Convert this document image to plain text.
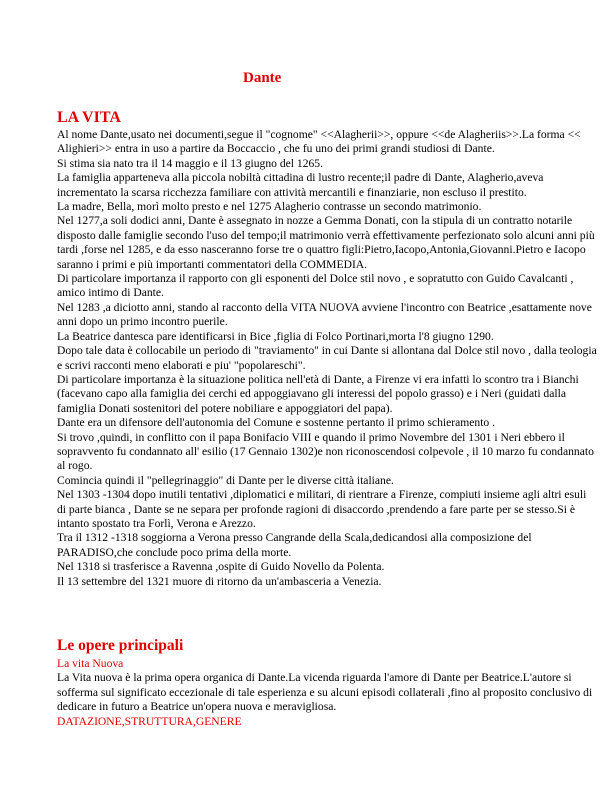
Dante
LA VITA

Al nome Dante,usato nei documenti,segue il "cognome" <<Alagherii>>, oppure <<de Alagheriis>>.La forma << Alighieri>> entra in uso a partire da Boccaccio , che fu uno dei primi grandi studiosi di Dante.

Si stima sia nato tra il 14 maggio e il 13 giugno del 1265.

La famiglia apparteneva alla piccola nobiltà cittadina di lustro recente;il padre di Dante, Alagherio,aveva incrementato la scarsa ricchezza familiare con attività mercantili e finanziarie, non escluso il prestito.

La madre, Bella, morì molto presto e nel 1275 Alagherio contrasse un secondo matrimonio.

Nel 1277,a soli dodici anni, Dante è assegnato in nozze a Gemma Donati, con la stipula di un contratto notarile disposto dalle famiglie secondo l'uso del tempo;il matrimonio verrà effettivamente perfezionato solo alcuni anni più tardi ,forse nel 1285, e da esso nasceranno forse tre o quattro figli:Pietro,Iacopo,Antonia,Giovanni.Pietro e Iacopo saranno i primi e più importanti commentatori della COMMEDIA.

Di particolare importanza il rapporto con gli esponenti del Dolce stil novo , e sopratutto con Guido Cavalcanti , amico intimo di Dante.

Nel 1283 ,a diciotto anni, stando al racconto della VITA NUOVA avviene l'incontro con Beatrice ,esattamente nove anni dopo un primo incontro puerile.

La Beatrice dantesca pare identificarsi in Bice ,figlia di Folco Portinari,morta l'8 giugno 1290.

Dopo tale data è collocabile un periodo di "traviamento" in cui Dante si allontana dal Dolce stil novo , dalla teologia e scrivi racconti meno elaborati e piu' "popolareschi".

Di particolare importanza è la situazione politica nell'età di Dante, a Firenze vi era infatti lo scontro tra i Bianchi (facevano capo alla famiglia dei cerchi ed appoggiavano gli interessi del popolo grasso) e i Neri (guidati dalla famiglia Donati sostenitori del potere nobiliare e appoggiatori del papa).

Dante era un difensore dell'autonomia del Comune e sostenne pertanto il primo schieramento .

Si trovo ,quindi, in conflitto con il papa Bonifacio VIII e quando il primo Novembre del 1301 i Neri ebbero il sopravvento fu condannato all' esilio (17 Gennaio 1302)e non riconoscendosi colpevole , il 10 marzo fu condannato al rogo.

Comincia quindi il "pellegrinaggio" di Dante per le diverse città italiane.

Nel 1303 -1304 dopo inutili tentativi ,diplomatici e militari, di rientrare a Firenze, compiuti insieme agli altri esuli di parte bianca , Dante se ne separa per profonde ragioni di disaccordo ,prendendo a fare parte per se stesso.Si è intanto spostato tra Forlì, Verona e Arezzo.

Tra il 1312 -1318 soggiorna a Verona presso Cangrande della Scala,dedicandosi alla composizione del PARADISO,che conclude poco prima della morte.

Nel 1318 si trasferisce a Ravenna ,ospite di Guido Novello da Polenta.

Il 13 settembre del 1321 muore di ritorno da un'ambasceria a Venezia.

Le opere principali

La vita Nuova

La Vita nuova è la prima opera organica di Dante.La vicenda riguarda l'amore di Dante per Beatrice.L'autore si sofferma sul significato eccezionale di tale esperienza e su alcuni episodi collaterali ,fino al proposito conclusivo di dedicare in futuro a Beatrice un'opera nuova e meravigliosa.

DATAZIONE,STRUTTURA,GENERE
